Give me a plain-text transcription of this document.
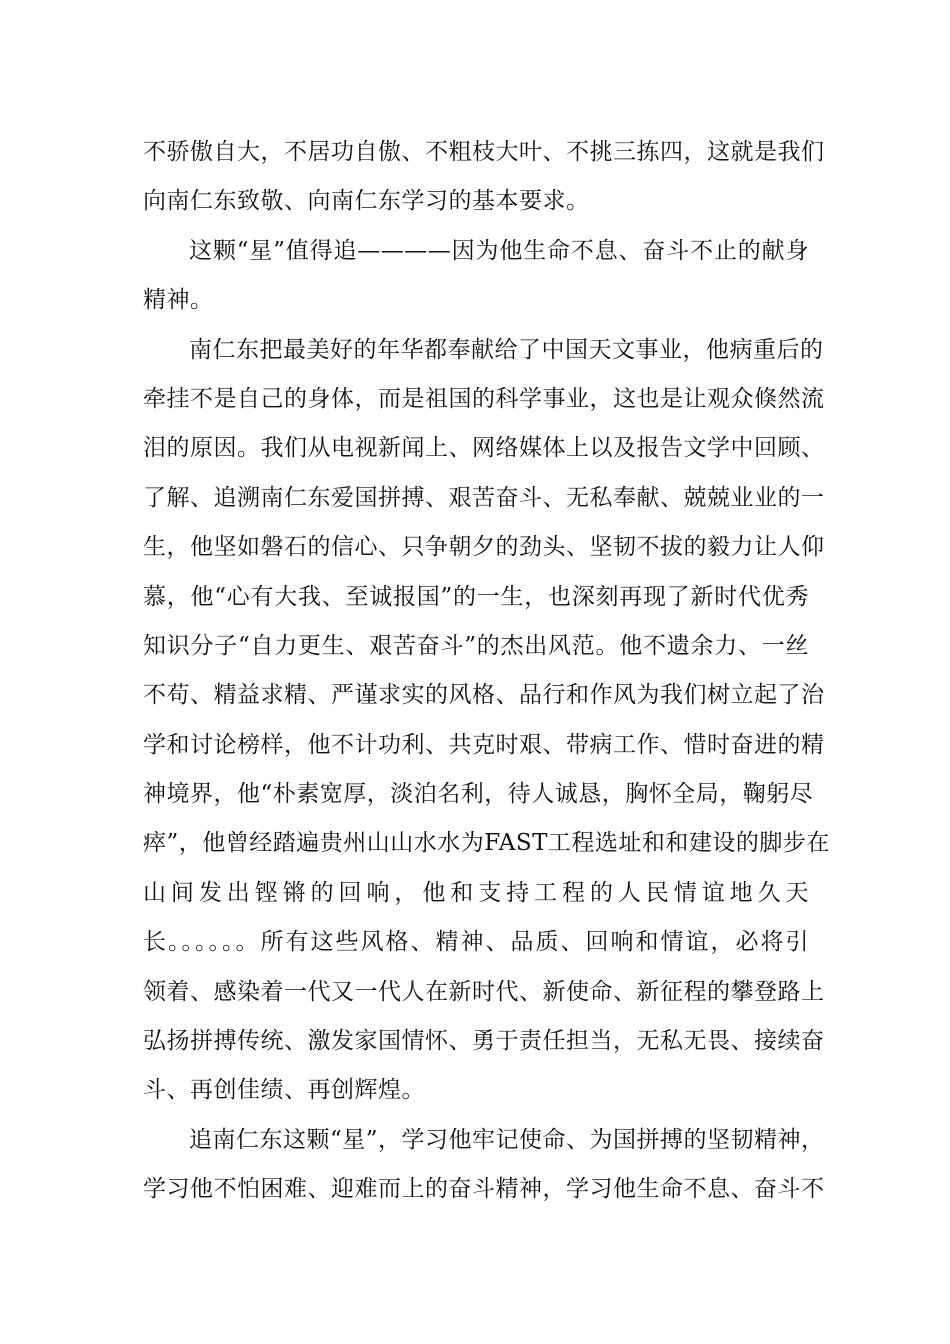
不骄傲自大，不居功自傲、不粗枝大叶、不挑三拣四，这就是我们
向南仁东致敬、向南仁东学习的基本要求。
这颗“星”值得追————因为他生命不息、奋斗不止的献身
精神。
南仁东把最美好的年华都奉献给了中国天文事业，他病重后的
牵挂不是自己的身体，而是祖国的科学事业，这也是让观众倏然流
泪的原因。我们从电视新闻上、网络媒体上以及报告文学中回顾、
了解、追溯南仁东爱国拼搏、艰苦奋斗、无私奉献、兢兢业业的一
生，他坚如磐石的信心、只争朝夕的劲头、坚韧不拔的毅力让人仰
慕，他“心有大我、至诚报国”的一生，也深刻再现了新时代优秀
知识分子“自力更生、艰苦奋斗”的杰出风范。他不遗余力、一丝
不苟、精益求精、严谨求实的风格、品行和作风为我们树立起了治
学和讨论榜样，他不计功利、共克时艰、带病工作、惜时奋进的精
神境界，他“朴素宽厚，淡泊名利，待人诚恳，胸怀全局，鞠躬尽
瘁”，他曾经踏遍贵州山山水水为FAST工程选址和和建设的脚步在
山间发出铿锵的回响，他和支持工程的人民情谊地久天
长。。。。。。所有这些风格、精神、品质、回响和情谊，必将引
领着、感染着一代又一代人在新时代、新使命、新征程的攀登路上
弘扬拼搏传统、激发家国情怀、勇于责任担当，无私无畏、接续奋
斗、再创佳绩、再创辉煌。
追南仁东这颗“星”，学习他牢记使命、为国拼搏的坚韧精神，
学习他不怕困难、迎难而上的奋斗精神，学习他生命不息、奋斗不
